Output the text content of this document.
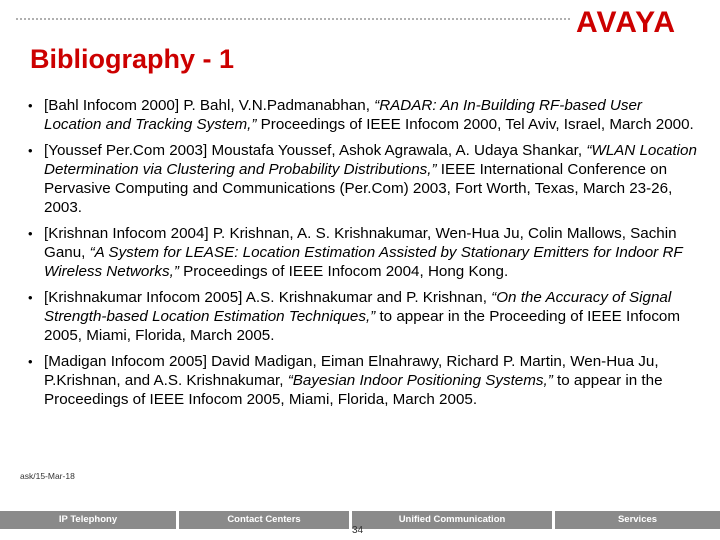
AVAYA
Bibliography - 1
• [Bahl Infocom 2000] P. Bahl, V.N.Padmanabhan, “RADAR: An In-Building RF-based User Location and Tracking System,” Proceedings of IEEE Infocom 2000, Tel Aviv, Israel, March 2000.
• [Youssef Per.Com 2003] Moustafa Youssef, Ashok Agrawala, A. Udaya Shankar, “WLAN Location Determination via Clustering and Probability Distributions,” IEEE International Conference on Pervasive Computing and Communications (Per.Com) 2003, Fort Worth, Texas, March 23-26, 2003.
• [Krishnan Infocom 2004] P. Krishnan, A. S. Krishnakumar, Wen-Hua Ju, Colin Mallows, Sachin Ganu, “A System for LEASE: Location Estimation Assisted by Stationary Emitters for Indoor RF Wireless Networks,” Proceedings of IEEE Infocom 2004, Hong Kong.
• [Krishnakumar Infocom 2005] A.S. Krishnakumar and P. Krishnan, “On the Accuracy of Signal Strength-based Location Estimation Techniques,” to appear in the Proceeding of IEEE Infocom 2005, Miami, Florida, March 2005.
• [Madigan Infocom 2005] David Madigan, Eiman Elnahrawy, Richard P. Martin, Wen-Hua Ju, P.Krishnan, and A.S. Krishnakumar, “Bayesian Indoor Positioning Systems,” to appear in the Proceedings of IEEE Infocom 2005, Miami, Florida, March 2005.
ask/15-Mar-18
IP Telephony	Contact Centers	Unified Communication	Services
34
